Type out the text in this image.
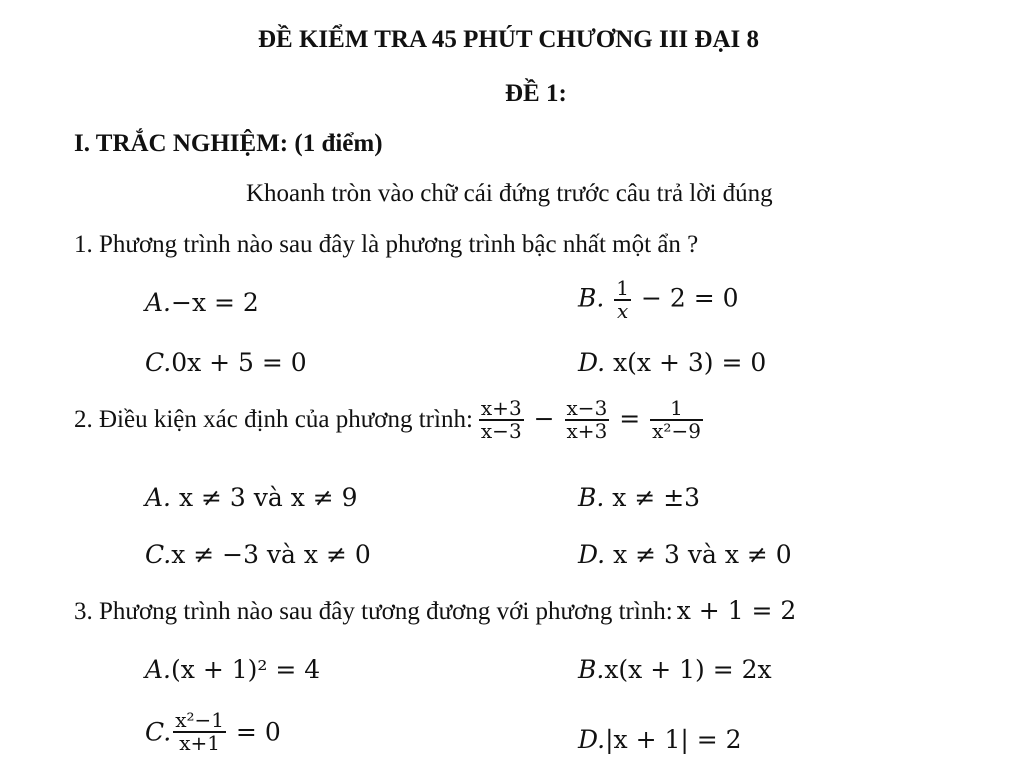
ĐỀ KIỂM TRA 45 PHÚT CHƯƠNG III ĐẠI 8
ĐỀ 1:
I. TRẮC NGHIỆM: (1 điểm)
Khoanh tròn vào chữ cái đứng trước câu trả lời đúng
1. Phương trình nào sau đây là phương trình bậc nhất một ẩn ?
A.−x = 2	B. $\frac{1}{x} - 2 = 0$
C.0x + 5 = 0	D. x(x + 3) = 0
2. Điều kiện xác định của phương trình: $\frac{x+3}{x-3} - \frac{x-3}{x+3} = \frac{1}{\text{x²−9}}$
A. x ≠ 3 và x ≠ 9	B. x ≠ ±3
C.x ≠ −3 và x ≠ 0	D. x ≠ 3 và x ≠ 0
3. Phương trình nào sau đây tương đương với phương trình: x + 1 = 2
A.(x + 1)² = 4	B.x(x + 1) = 2x
C. $\frac{\text{x²−1}}{x+1} = 0$	D.|x + 1| = 2
